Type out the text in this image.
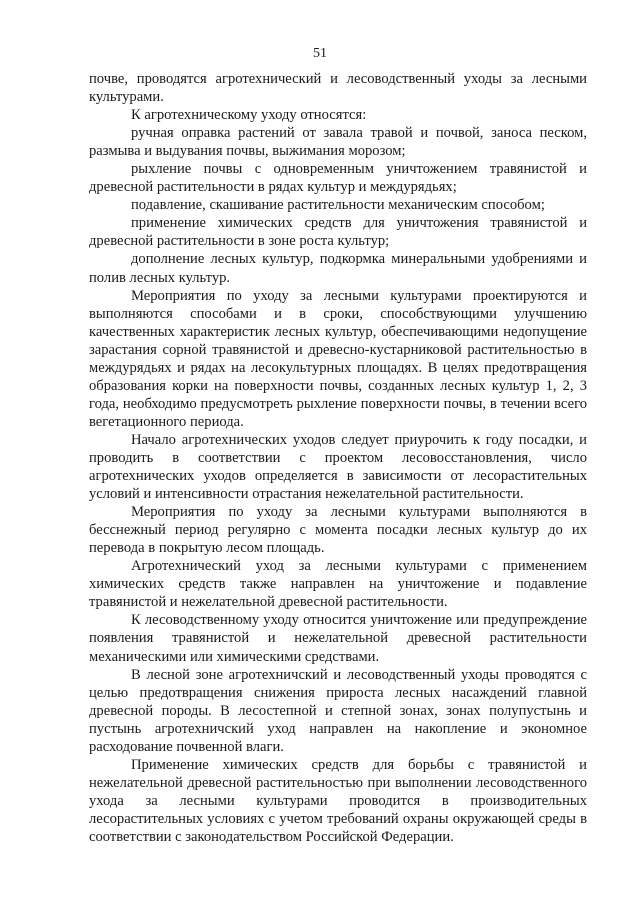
51

почве, проводятся агротехнический и лесоводственный уходы за лесными культурами.

К агротехническому уходу относятся:

ручная оправка растений от завала травой и почвой, заноса песком, размыва и выдувания почвы, выжимания морозом;

рыхление почвы с одновременным уничтожением травянистой и древесной растительности в рядах культур и междурядьях;

подавление, скашивание растительности механическим способом;

применение химических средств для уничтожения травянистой и древесной растительности в зоне роста культур;

дополнение лесных культур, подкормка минеральными удобрениями и полив лесных культур.

Мероприятия по уходу за лесными культурами проектируются и выполняются способами и в сроки, способствующими улучшению качественных характеристик лесных культур, обеспечивающими недопущение зарастания сорной травянистой и древесно-кустарниковой растительностью в междурядьях и рядах на лесокультурных площадях. В целях предотвращения образования корки на поверхности почвы, созданных лесных культур 1, 2, 3 года, необходимо предусмотреть рыхление поверхности почвы, в течении всего вегетационного периода.

Начало агротехнических уходов следует приурочить к году посадки, и проводить в соответствии с проектом лесовосстановления, число агротехнических уходов определяется в зависимости от лесорастительных условий и интенсивности отрастания нежелательной растительности.

Мероприятия по уходу за лесными культурами выполняются в бесснежный период регулярно с момента посадки лесных культур до их перевода в покрытую лесом площадь.

Агротехнический уход за лесными культурами с применением химических средств также направлен на уничтожение и подавление травянистой и нежелательной древесной растительности.

К лесоводственному уходу относится уничтожение или предупреждение появления травянистой и нежелательной древесной растительности механическими или химическими средствами.

В лесной зоне агротехничский и лесоводственный уходы проводятся с целью предотвращения снижения прироста лесных насаждений главной древесной породы. В лесостепной и степной зонах, зонах полупустынь и пустынь агротехничский уход направлен на накопление и экономное расходование почвенной влаги.

Применение химических средств для борьбы с травянистой и нежелательной древесной растительностью при выполнении лесоводственного ухода за лесными культурами проводится в производительных лесорастительных условиях с учетом требований охраны окружающей среды в соответствии с законодательством Российской Федерации.
